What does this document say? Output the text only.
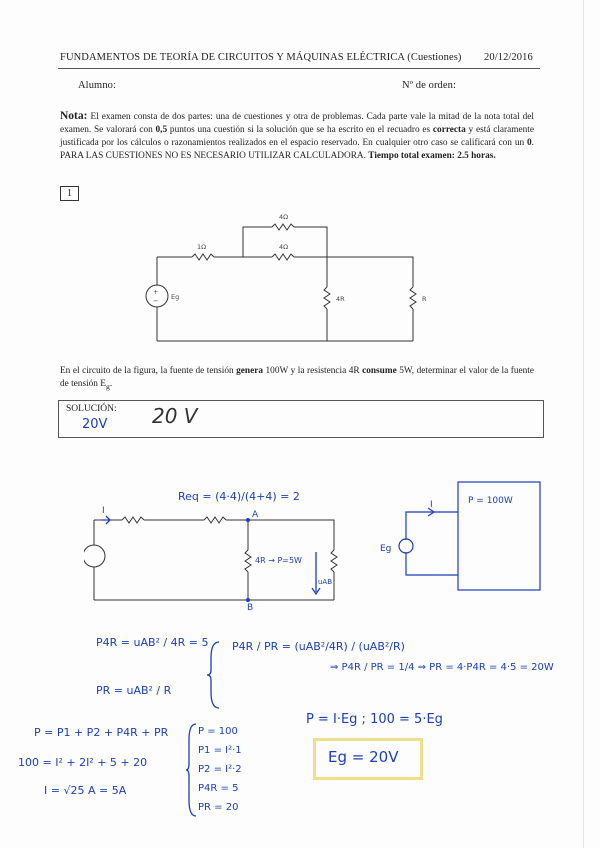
FUNDAMENTOS DE TEORÍA DE CIRCUITOS Y MÁQUINAS ELÉCTRICA (Cuestiones) 20/12/2016
Alumno:	Nº de orden:
Nota: El examen consta de dos partes: una de cuestiones y otra de problemas. Cada parte vale la mitad de la nota total del examen. Se valorará con 0,5 puntos una cuestión si la solución que se ha escrito en el recuadro es correcta y está claramente justificada por los cálculos o razonamientos realizados en el espacio reservado. En cualquier otro caso se calificará con un 0. PARA LAS CUESTIONES NO ES NECESARIO UTILIZAR CALCULADORA. Tiempo total examen: 2.5 horas.
1
+
− Eg
4Ω
1Ω	4Ω
4R	R
En el circuito de la figura, la fuente de tensión genera 100W y la resistencia 4R consume 5W, determinar el valor de la fuente de tensión $E_g$.
SOLUCIÓN:
20V 20 V
Req = (4·4)/(4+4) = 2
I	A
B
4R → P=5W
uAB
P = 100W
I
Eg
P4R = uAB² / 4R = 5
PR = uAB² / R
P4R / PR = (uAB²/4R) / (uAB²/R)
⇒ P4R / PR = 1/4 ⇒ PR = 4·P4R = 4·5 = 20W
P = P1 + P2 + P4R + PR
100 = I² + 2I² + 5 + 20
I = √25 A = 5A
P = 100
P1 = I²·1
P2 = I²·2
P4R = 5
PR = 20
P = I·Eg ; 100 = 5·Eg
Eg = 20V
